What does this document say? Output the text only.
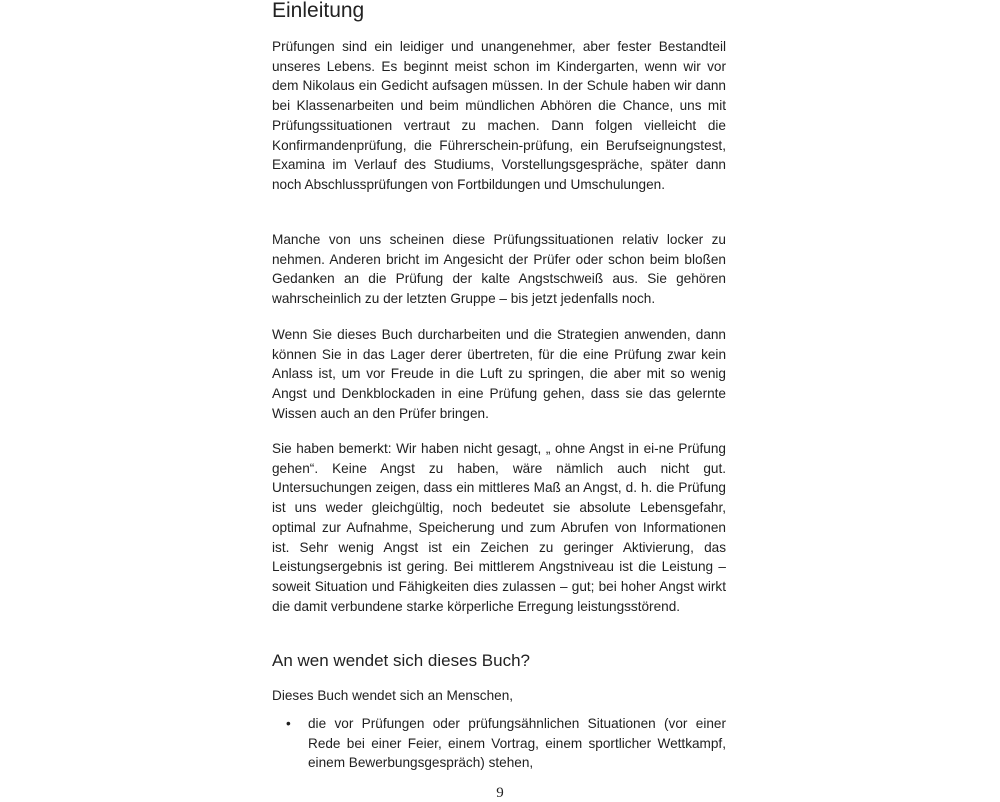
Einleitung

Prüfungen sind ein leidiger und unangenehmer, aber fester Bestandteil unseres Lebens. Es beginnt meist schon im Kindergarten, wenn wir vor dem Nikolaus ein Gedicht aufsagen müssen. In der Schule haben wir dann bei Klassenarbeiten und beim mündlichen Abhören die Chance, uns mit Prüfungssituationen vertraut zu machen. Dann folgen vielleicht die Konfirmandenprüfung, die Führerschein-prüfung, ein Berufseignungstest, Examina im Verlauf des Studiums, Vorstellungsgespräche, später dann noch Abschlussprüfungen von Fortbildungen und Umschulungen.

Manche von uns scheinen diese Prüfungssituationen relativ locker zu nehmen. Anderen bricht im Angesicht der Prüfer oder schon beim bloßen Gedanken an die Prüfung der kalte Angstschweiß aus. Sie gehören wahrscheinlich zu der letzten Gruppe – bis jetzt jedenfalls noch.

Wenn Sie dieses Buch durcharbeiten und die Strategien anwenden, dann können Sie in das Lager derer übertreten, für die eine Prüfung zwar kein Anlass ist, um vor Freude in die Luft zu springen, die aber mit so wenig Angst und Denkblockaden in eine Prüfung gehen, dass sie das gelernte Wissen auch an den Prüfer bringen.

Sie haben bemerkt: Wir haben nicht gesagt, „ ohne Angst in ei-ne Prüfung gehen“. Keine Angst zu haben, wäre nämlich auch nicht gut. Untersuchungen zeigen, dass ein mittleres Maß an Angst, d. h. die Prüfung ist uns weder gleichgültig, noch bedeutet sie absolute Lebensgefahr, optimal zur Aufnahme, Speicherung und zum Abrufen von Informationen ist. Sehr wenig Angst ist ein Zeichen zu geringer Aktivierung, das Leistungsergebnis ist gering. Bei mittlerem Angstniveau ist die Leistung – soweit Situation und Fähigkeiten dies zulassen – gut; bei hoher Angst wirkt die damit verbundene starke körperliche Erregung leistungsstörend.

An wen wendet sich dieses Buch?

Dieses Buch wendet sich an Menschen,

• die vor Prüfungen oder prüfungsähnlichen Situationen (vor einer Rede bei einer Feier, einem Vortrag, einem sportlicher Wettkampf, einem Bewerbungsgespräch) stehen,
9
